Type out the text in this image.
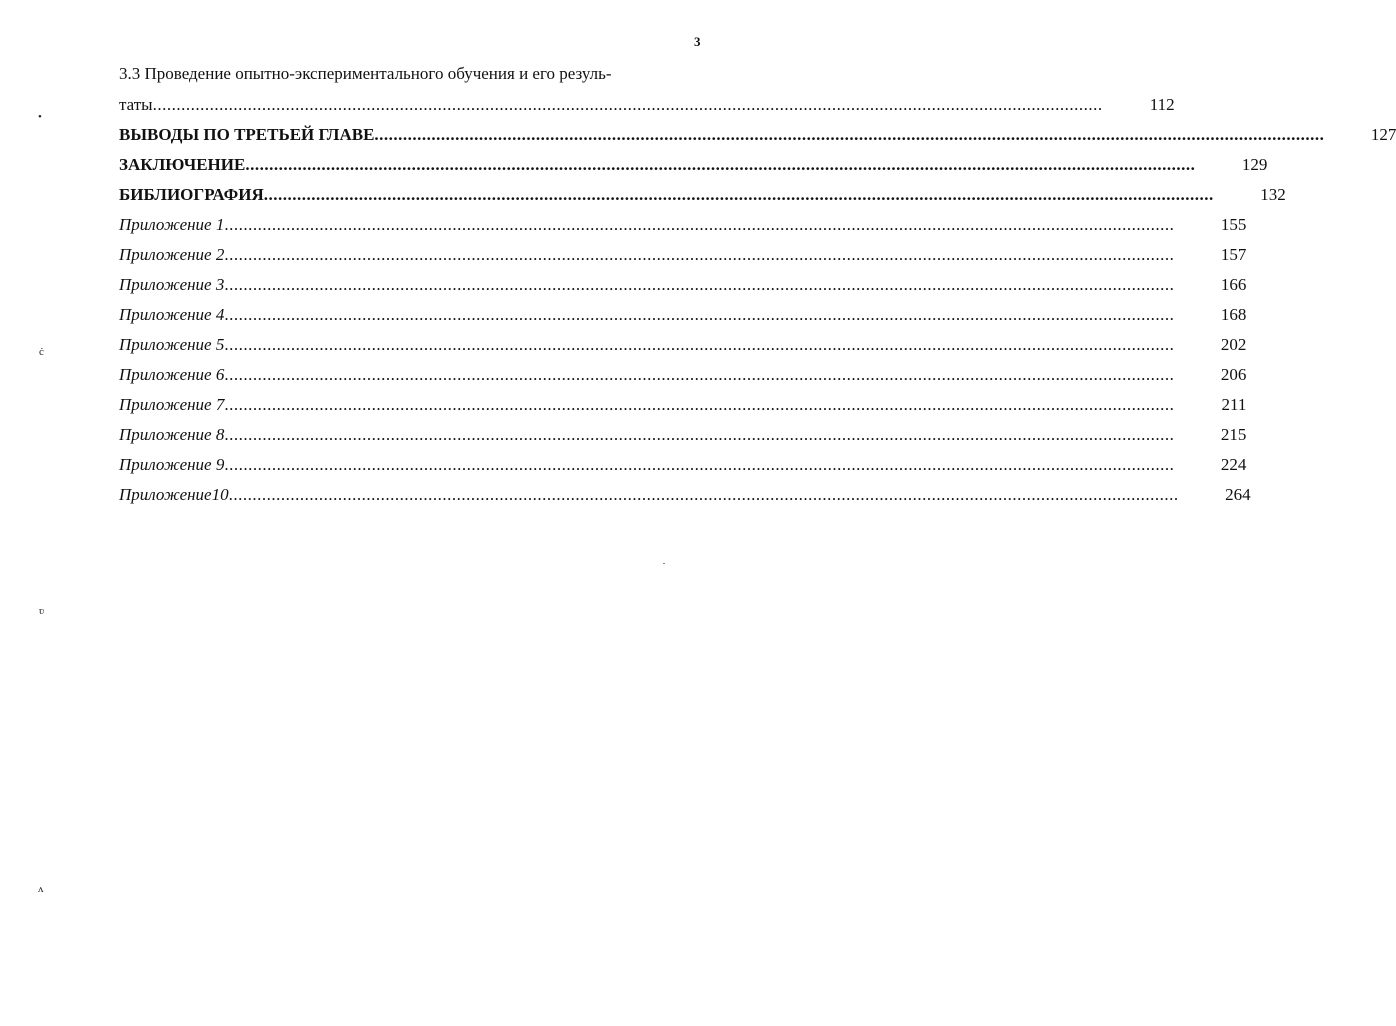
3
3.3 Проведение опытно-экспериментального обучения и его резуль-
таты ........................................................................................................................................................................................................	112
ВЫВОДЫ ПО ТРЕТЬЕЙ ГЛАВЕ ........................................................................................................................................................................................................	127
ЗАКЛЮЧЕНИЕ ........................................................................................................................................................................................................	129
БИБЛИОГРАФИЯ ........................................................................................................................................................................................................	132
Приложение 1 ........................................................................................................................................................................................................	155
Приложение 2 ........................................................................................................................................................................................................	157
Приложение 3 ........................................................................................................................................................................................................	166
Приложение 4 ........................................................................................................................................................................................................	168
Приложение 5 ........................................................................................................................................................................................................	202
Приложение 6 ........................................................................................................................................................................................................	206
Приложение 7 ........................................................................................................................................................................................................	211
Приложение 8 ........................................................................................................................................................................................................	215
Приложение 9 ........................................................................................................................................................................................................	224
Приложение10 ........................................................................................................................................................................................................	264
•
ċ
ʋ
ʌ
